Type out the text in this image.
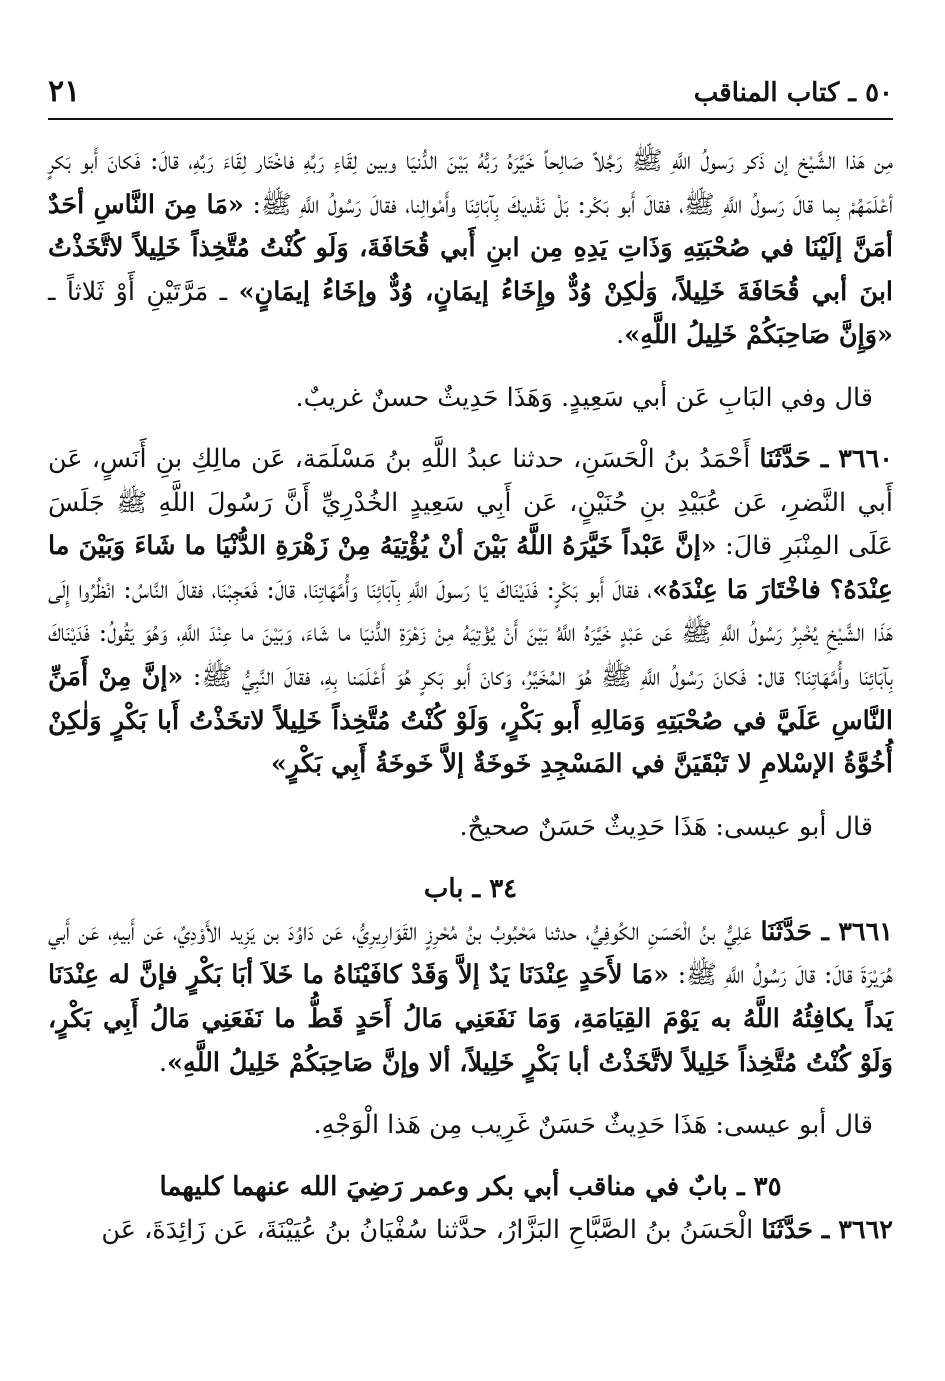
٥٠ ـ كتاب المناقب
٢١

مِن هَذا الشَّيْخ إن ذَكر رَسولُ اللَّهِ ﷺ رَجُلاً صَالِحاً خَيَّرَهُ رَبُّهُ بَيْنَ الدُّنيَا وبين لِقَاءِ رَبِّهِ فاخْتَار لِقَاءَ رَبِّهِ، قالَ: فَكانَ أَبو بَكرٍ أعْلَمَهُمْ بِما قالَ رَسولُ اللَّهِ ﷺ، فقالَ أَبو بَكْر: بَلْ نَفْديكَ بِآبَائِنَا وأَمْوالِنا، فقالَ رَسُولُ اللَّهِ ﷺ: «مَا مِنَ النَّاسِ أحَدٌ أمَنَّ إلَيْنَا في صُحْبَتِهِ وَذَاتِ يَدِهِ مِن ابنِ أَبي قُحَافَةَ، وَلَو كُنْتُ مُتَّخِذاً خَلِيلاً لاتَّخَذْتُ ابنَ أبي قُحَافَةَ خَلِيلاً، وَلٰكِنْ وُدٌّ وإِخَاءُ إيمَانٍ، وُدٌّ وإخَاءُ إيمَانٍ» ـ مَرَّتَيْنِ أَوْ ثَلاثاً ـ «وَإِنَّ صَاحِبَكُمْ خَلِيلُ اللَّهِ».

قال وفي البَابِ عَن أبي سَعِيدٍ. وَهَذَا حَدِيثٌ حسنٌ غريبٌ.

٣٦٦٠ ـ حَدَّثَنَا أَحْمَدُ بنُ الْحَسَنِ، حدثنا عبدُ اللَّهِ بنُ مَسْلَمَة، عَن مالِكِ بنِ أَنَسٍ، عَن أَبي النَّضرِ، عَن عُبَيْدِ بنِ حُنَيْنٍ، عَن أَبِي سَعِيدٍ الخُدْرِيِّ أَنَّ رَسُولَ اللَّهِ ﷺ جَلَسَ عَلَى المِنْبَرِ قالَ: «إنَّ عَبْداً خَيَّرَهُ اللَّهُ بَيْنَ أنْ يُؤْتِيَهُ مِنْ زَهْرَةِ الدُّنْيَا ما شَاءَ وَبَيْنَ ما عِنْدَهُ؟ فاخْتَارَ مَا عِنْدَهُ»، فقالَ أَبو بَكْرٍ: فَدَيْنَاكَ يَا رَسولَ اللَّهِ بِآبَائِنَا وَأُمَّهَاتِنَا، قالَ: فَعَجِبْنَا، فقالَ النَّاسُ: انْظُرُوا إِلَى هَذَا الشَّيْخِ يُخْبِرُ رَسُولُ اللَّهِ ﷺ عَن عَبْدٍ خَيَّرَهُ اللَّهُ بَيْنَ أَنْ يُؤْتِيَهُ مِنْ زَهْرَةِ الدُّنيَا ما شَاءَ، وَبَيْنَ ما عِنْدَ اللَّهِ، وَهُوَ يَقُولُ: فَدَيْنَاكَ بِآبَائِنَا وأُمَّهَاتِنَا؟ قال: فَكانَ رَسُولُ اللَّهِ ﷺ هُوَ المُخَيَّرُ، وَكانَ أَبو بَكرٍ هُوَ أَعْلَمَنا بِهِ، فقالَ النَّبِيُّ ﷺ: «إنَّ مِنْ أَمَنِّ النَّاسِ عَلَيَّ في صُحْبَتِهِ وَمَالِهِ أَبو بَكْرٍ، وَلَوْ كُنْتُ مُتَّخِذاً خَلِيلاً لاتخَذْتُ أَبا بَكْرٍ وَلٰكِنْ أُخُوَّةُ الإسْلامِ لا تَبْقَيَنَّ في المَسْجِدِ خَوخَةٌ إلاَّ خَوخَةُ أَبِي بَكْرٍ»

قال أبو عيسى: هَذَا حَدِيثٌ حَسَنٌ صحيحٌ.

٣٤ ـ باب

٣٦٦١ ـ حَدَّثَنَا عَلِيُّ بنُ الْحَسَنِ الكُوفِيُّ، حدثنا مَحْبُوبُ بنُ مُحْرِزٍ القَوَارِيرِيُّ، عَن دَاوُدَ بن يَزِيد الأَوْدِيِّ، عَن أَبيهِ، عَن أَبي هُرَيْرَةَ قالَ: قالَ رَسُولُ اللَّهِ ﷺ: «مَا لأَحَدٍ عِنْدَنَا يَدٌ إلاَّ وَقَدْ كافَيْنَاهُ ما خَلاَ أبَا بَكْرٍ فإنَّ له عِنْدَنَا يَداً يكافِئُهُ اللَّهُ به يَوْمَ القِيَامَةِ، وَمَا نَفَعَنِي مَالُ أَحَدٍ قَطُّ ما نَفَعَنِي مَالُ أَبِي بَكْرٍ، وَلَوْ كُنْتُ مُتَّخِذاً خَلِيلاً لاتَّخَذْتُ أبا بَكْرٍ خَلِيلاً، ألا وإنَّ صَاحِبَكُمْ خَلِيلُ اللَّهِ».

قال أبو عيسى: هَذَا حَدِيثٌ حَسَنٌ غَرِيب مِن هَذا الْوَجْهِ.

٣٥ ـ بابٌ في مناقب أبي بكر وعمر رَضِيَ الله عنهما كليهما

٣٦٦٢ ـ حَدَّثَنَا الْحَسَنُ بنُ الصَّبَّاحِ البَزَّارُ، حدَّثنا سُفْيَانُ بنُ عُيَيْنَةَ، عَن زَائِدَةَ، عَن
